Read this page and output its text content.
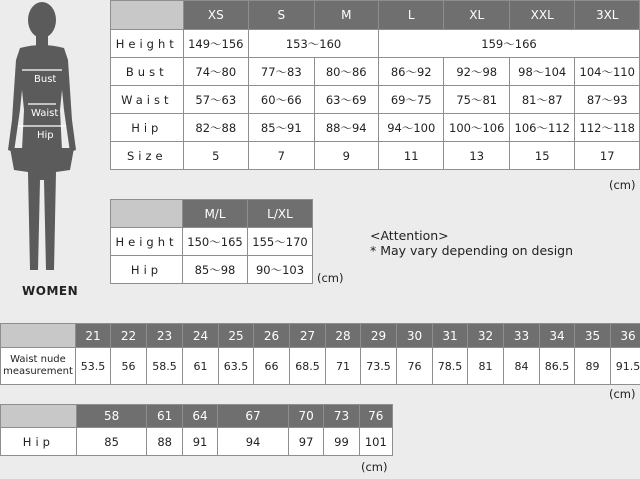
Bust
Waist
Hip
WOMEN
	XS	S	M	L	XL	XXL	3XL
Height	149〜156	153〜160		159〜166			
Bust	74〜80	77〜83	80〜86	86〜92	92〜98	98〜104	104〜110
Waist	57〜63	60〜66	63〜69	69〜75	75〜81	81〜87	87〜93
Hip	82〜88	85〜91	88〜94	94〜100	100〜106	106〜112	112〜118
Size	5	7	9	11	13	15	17
(cm)
	M/L	L/XL
Height	150〜165	155〜170
Hip	85〜98	90〜103
(cm)
<Attention>
* May vary depending on design
	21	22	23	24	25	26	27	28	29	30	31	32	33	34	35	36
Waist nude measurement	53.5	56	58.5	61	63.5	66	68.5	71	73.5	76	78.5	81	84	86.5	89	91.5
(cm)
	58	61	64	67	70	73	76
Hip	85	88	91	94	97	99	101
(cm)
